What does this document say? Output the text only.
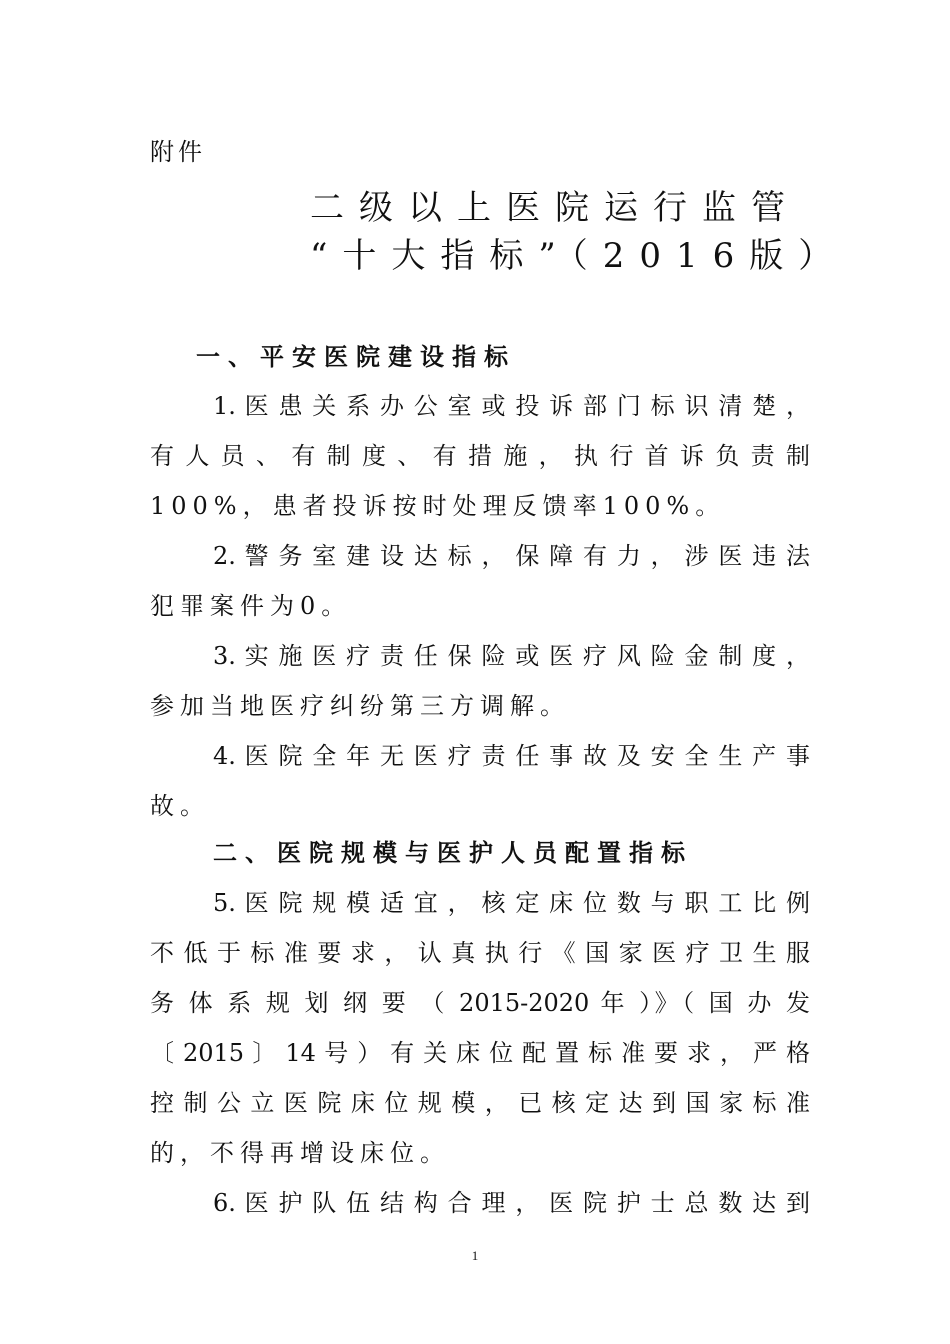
附件
二级以上医院运行监管
“十大指标”（2016版）
一、平安医院建设指标
1. 医 患 关 系 办 公 室 或 投 诉 部 门 标 识 清 楚 ，
有 人 员 、 有 制 度 、 有 措 施 ， 执 行 首 诉 负 责 制
100%，患者投诉按时处理反馈率100%。
2. 警 务 室 建 设 达 标 ， 保 障 有 力 ， 涉 医 违 法
犯罪案件为0。
3. 实 施 医 疗 责 任 保 险 或 医 疗 风 险 金 制 度 ，
参加当地医疗纠纷第三方调解。
4. 医 院 全 年 无 医 疗 责 任 事 故 及 安 全 生 产 事
故。
二、医院规模与医护人员配置指标
5. 医 院 规 模 适 宜 ， 核 定 床 位 数 与 职 工 比 例
不 低 于 标 准 要 求 ， 认 真 执 行 《 国 家 医 疗 卫 生 服
务 体 系 规 划 纲 要 （ 2015-2020 年 ）》（ 国 办 发
〔 2015 〕 14 号 ） 有 关 床 位 配 置 标 准 要 求 ， 严 格
控 制 公 立 医 院 床 位 规 模 ， 已 核 定 达 到 国 家 标 准
的，不得再增设床位。
6. 医 护 队 伍 结 构 合 理 ， 医 院 护 士 总 数 达 到
1
